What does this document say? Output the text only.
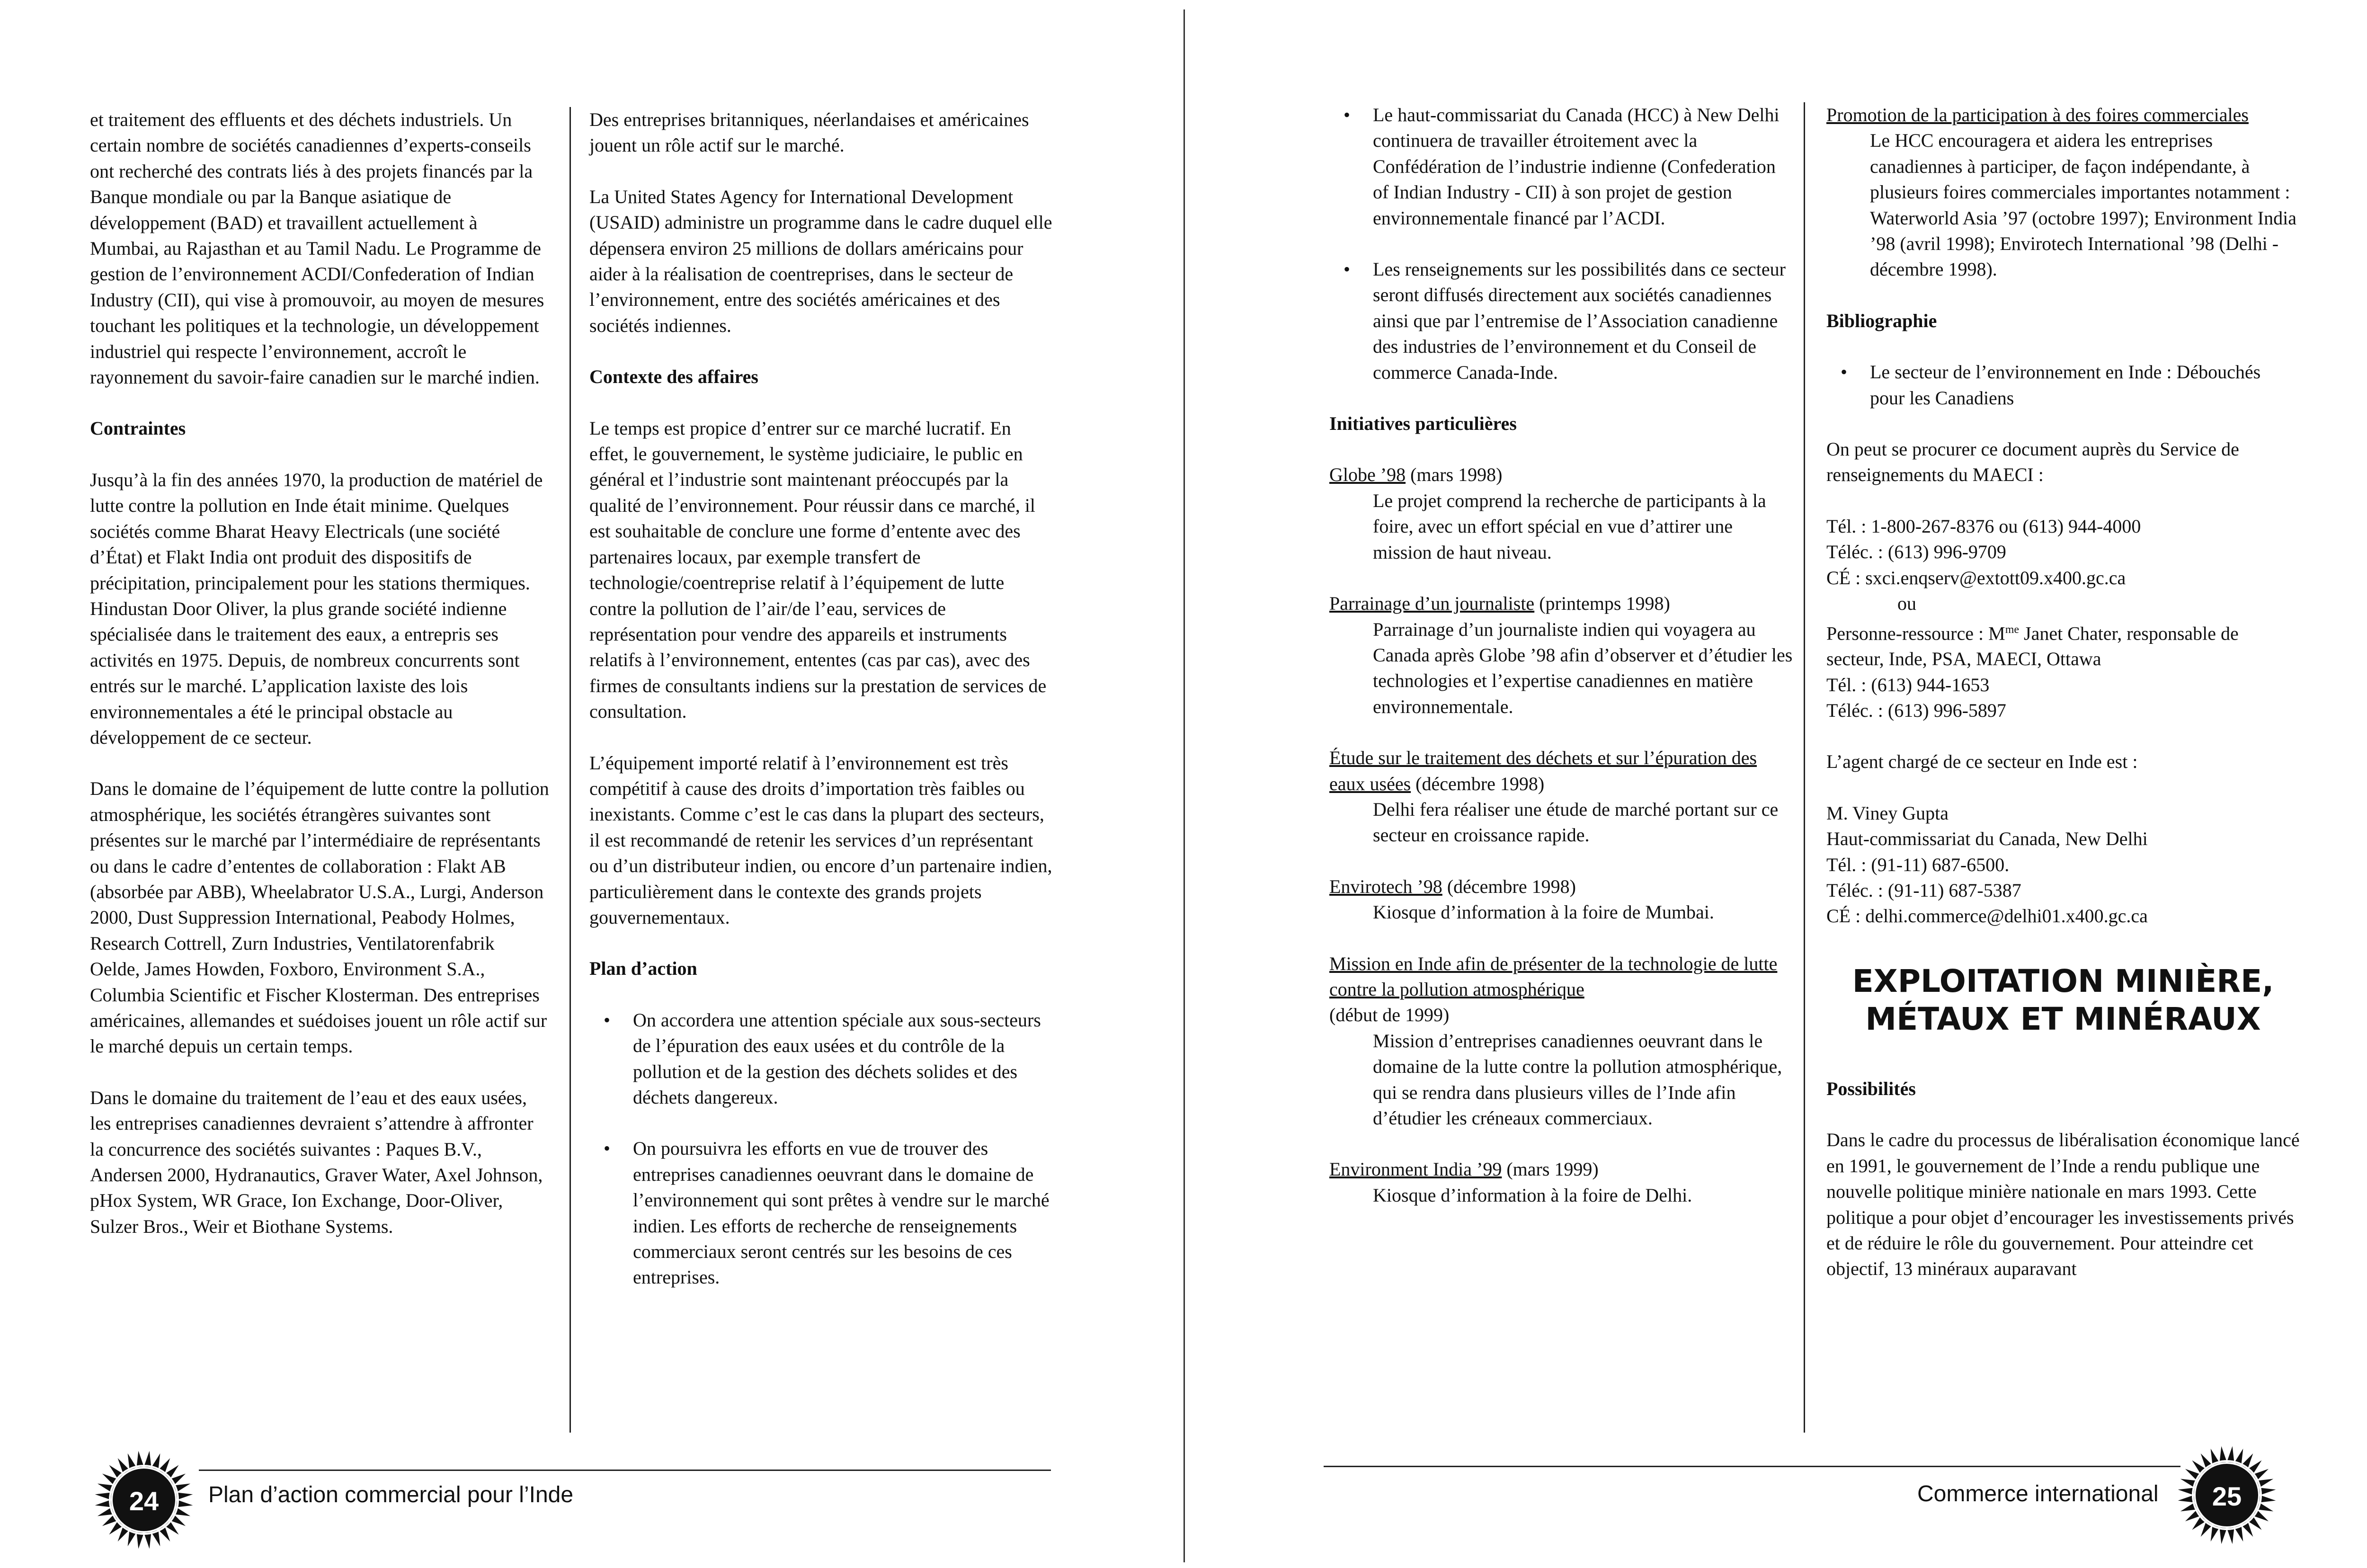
et traitement des effluents et des déchets industriels. Un certain nombre de sociétés canadiennes d’experts-conseils ont recherché des contrats liés à des projets financés par la Banque mondiale ou par la Banque asiatique de développement (BAD) et travaillent actuellement à Mumbai, au Rajasthan et au Tamil Nadu. Le Programme de gestion de l’environnement ACDI/Confederation of Indian Industry (CII), qui vise à promouvoir, au moyen de mesures touchant les politiques et la technologie, un développement industriel qui respecte l’environnement, accroît le rayonnement du savoir-faire canadien sur le marché indien.

Contraintes

Jusqu’à la fin des années 1970, la production de matériel de lutte contre la pollution en Inde était minime. Quelques sociétés comme Bharat Heavy Electricals (une société d’État) et Flakt India ont produit des dispositifs de précipitation, principalement pour les stations thermiques. Hindustan Door Oliver, la plus grande société indienne spécialisée dans le traitement des eaux, a entrepris ses activités en 1975. Depuis, de nombreux concurrents sont entrés sur le marché. L’application laxiste des lois environnementales a été le principal obstacle au développement de ce secteur.

Dans le domaine de l’équipement de lutte contre la pollution atmosphérique, les sociétés étrangères suivantes sont présentes sur le marché par l’intermédiaire de représentants ou dans le cadre d’ententes de collaboration : Flakt AB (absorbée par ABB), Wheelabrator U.S.A., Lurgi, Anderson 2000, Dust Suppression International, Peabody Holmes, Research Cottrell, Zurn Industries, Ventilatorenfabrik Oelde, James Howden, Foxboro, Environment S.A., Columbia Scientific et Fischer Klosterman. Des entreprises américaines, allemandes et suédoises jouent un rôle actif sur le marché depuis un certain temps.

Dans le domaine du traitement de l’eau et des eaux usées, les entreprises canadiennes devraient s’attendre à affronter la concurrence des sociétés suivantes : Paques B.V., Andersen 2000, Hydranautics, Graver Water, Axel Johnson, pHox System, WR Grace, Ion Exchange, Door-Oliver, Sulzer Bros., Weir et Biothane Systems.

Des entreprises britanniques, néerlandaises et américaines jouent un rôle actif sur le marché.

La United States Agency for International Development (USAID) administre un programme dans le cadre duquel elle dépensera environ 25 millions de dollars américains pour aider à la réalisation de coentreprises, dans le secteur de l’environnement, entre des sociétés américaines et des sociétés indiennes.

Contexte des affaires

Le temps est propice d’entrer sur ce marché lucratif. En effet, le gouvernement, le système judiciaire, le public en général et l’industrie sont maintenant préoccupés par la qualité de l’environnement. Pour réussir dans ce marché, il est souhaitable de conclure une forme d’entente avec des partenaires locaux, par exemple transfert de technologie/coentreprise relatif à l’équipement de lutte contre la pollution de l’air/de l’eau, services de représentation pour vendre des appareils et instruments relatifs à l’environnement, ententes (cas par cas), avec des firmes de consultants indiens sur la prestation de services de consultation.

L’équipement importé relatif à l’environnement est très compétitif à cause des droits d’importation très faibles ou inexistants. Comme c’est le cas dans la plupart des secteurs, il est recommandé de retenir les services d’un représentant ou d’un distributeur indien, ou encore d’un partenaire indien, particulièrement dans le contexte des grands projets gouvernementaux.

Plan d’action
• On accordera une attention spéciale aux sous-secteurs de l’épuration des eaux usées et du contrôle de la pollution et de la gestion des déchets solides et des déchets dangereux.
• On poursuivra les efforts en vue de trouver des entreprises canadiennes oeuvrant dans le domaine de l’environnement qui sont prêtes à vendre sur le marché indien. Les efforts de recherche de renseignements commerciaux seront centrés sur les besoins de ces entreprises.
24 Plan d’action commercial pour l’Inde
• Le haut-commissariat du Canada (HCC) à New Delhi continuera de travailler étroitement avec la Confédération de l’industrie indienne (Confederation of Indian Industry - CII) à son projet de gestion environnementale financé par l’ACDI.
• Les renseignements sur les possibilités dans ce secteur seront diffusés directement aux sociétés canadiennes ainsi que par l’entremise de l’Association canadienne des industries de l’environnement et du Conseil de commerce Canada-Inde.
Initiatives particulières

Globe ’98 (mars 1998)

Le projet comprend la recherche de participants à la foire, avec un effort spécial en vue d’attirer une mission de haut niveau.

Parrainage d’un journaliste (printemps 1998)

Parrainage d’un journaliste indien qui voyagera au Canada après Globe ’98 afin d’observer et d’étudier les technologies et l’expertise canadiennes en matière environnementale.

Étude sur le traitement des déchets et sur l’épuration des eaux usées (décembre 1998)

Delhi fera réaliser une étude de marché portant sur ce secteur en croissance rapide.

Envirotech ’98 (décembre 1998)

Kiosque d’information à la foire de Mumbai.

Mission en Inde afin de présenter de la technologie de lutte contre la pollution atmosphérique
(début de 1999)

Mission d’entreprises canadiennes oeuvrant dans le domaine de la lutte contre la pollution atmosphérique, qui se rendra dans plusieurs villes de l’Inde afin d’étudier les créneaux commerciaux.

Environment India ’99 (mars 1999)

Kiosque d’information à la foire de Delhi.

Promotion de la participation à des foires commerciales

Le HCC encouragera et aidera les entreprises canadiennes à participer, de façon indépendante, à plusieurs foires commerciales importantes notamment : Waterworld Asia ’97 (octobre 1997); Environment India ’98 (avril 1998); Envirotech International ’98 (Delhi - décembre 1998).

Bibliographie
• Le secteur de l’environnement en Inde : Débouchés pour les Canadiens

On peut se procurer ce document auprès du Service de renseignements du MAECI :

Tél. : 1-800-267-8376 ou (613) 944-4000
Téléc. : (613) 996-9709
CÉ : sxci.enqserv@extott09.x400.gc.ca
ou
Personne-ressource : $M^{me}$ Janet Chater, responsable de secteur, Inde, PSA, MAECI, Ottawa
Tél. : (613) 944-1653
Téléc. : (613) 996-5897

L’agent chargé de ce secteur en Inde est :

M. Viney Gupta
Haut-commissariat du Canada, New Delhi
Tél. : (91-11) 687-6500.
Téléc. : (91-11) 687-5387
CÉ : delhi.commerce@delhi01.x400.gc.ca

EXPLOITATION MINIÈRE,
MÉTAUX ET MINÉRAUX
Possibilités

Dans le cadre du processus de libéralisation économique lancé en 1991, le gouvernement de l’Inde a rendu publique une nouvelle politique minière nationale en mars 1993. Cette politique a pour objet d’encourager les investissements privés et de réduire le rôle du gouvernement. Pour atteindre cet objectif, 13 minéraux auparavant

Commerce international 25
